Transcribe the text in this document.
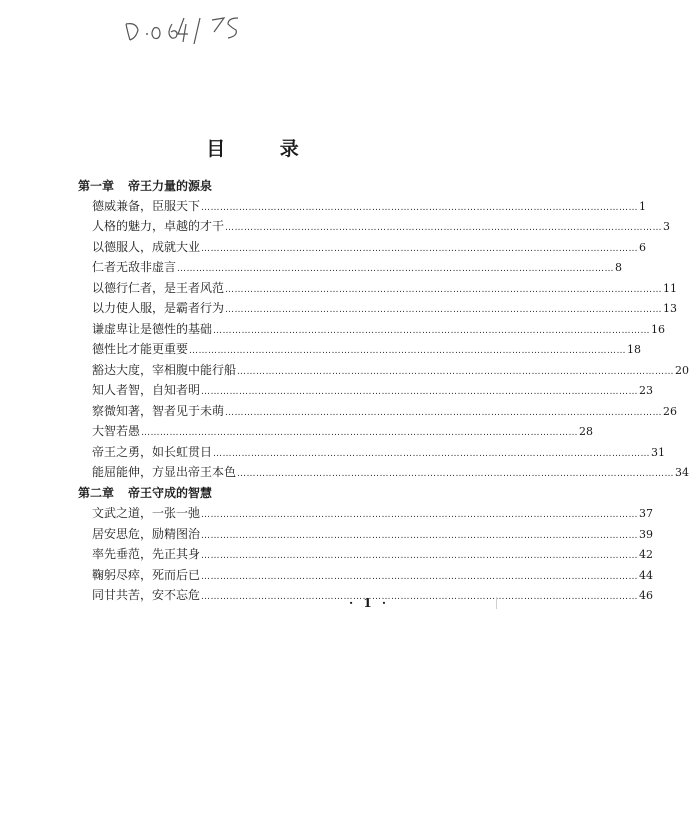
D 06175
目 录
第一章 帝王力量的源泉
德威兼备，臣服天下 …………………………………………………………………………………………………………………………	1
人格的魅力，卓越的才干 …………………………………………………………………………………………………………………………	3
以德服人，成就大业 …………………………………………………………………………………………………………………………	6
仁者无敌非虚言 …………………………………………………………………………………………………………………………	8
以德行仁者，是王者风范 …………………………………………………………………………………………………………………………	11
以力使人服，是霸者行为 …………………………………………………………………………………………………………………………	13
谦虚卑让是德性的基础 …………………………………………………………………………………………………………………………	16
德性比才能更重要 …………………………………………………………………………………………………………………………	18
豁达大度，宰相腹中能行船 …………………………………………………………………………………………………………………………	20
知人者智，自知者明 …………………………………………………………………………………………………………………………	23
察微知著，智者见于未萌 …………………………………………………………………………………………………………………………	26
大智若愚 …………………………………………………………………………………………………………………………	28
帝王之勇，如长虹贯日 …………………………………………………………………………………………………………………………	31
能屈能伸，方显出帝王本色 …………………………………………………………………………………………………………………………	34
第二章 帝王守成的智慧
文武之道，一张一弛 …………………………………………………………………………………………………………………………	37
居安思危，励精图治 …………………………………………………………………………………………………………………………	39
率先垂范，先正其身 …………………………………………………………………………………………………………………………	42
鞠躬尽瘁，死而后已 …………………………………………………………………………………………………………………………	44
同甘共苦，安不忘危 …………………………………………………………………………………………………………………………	46
· 1 ·
